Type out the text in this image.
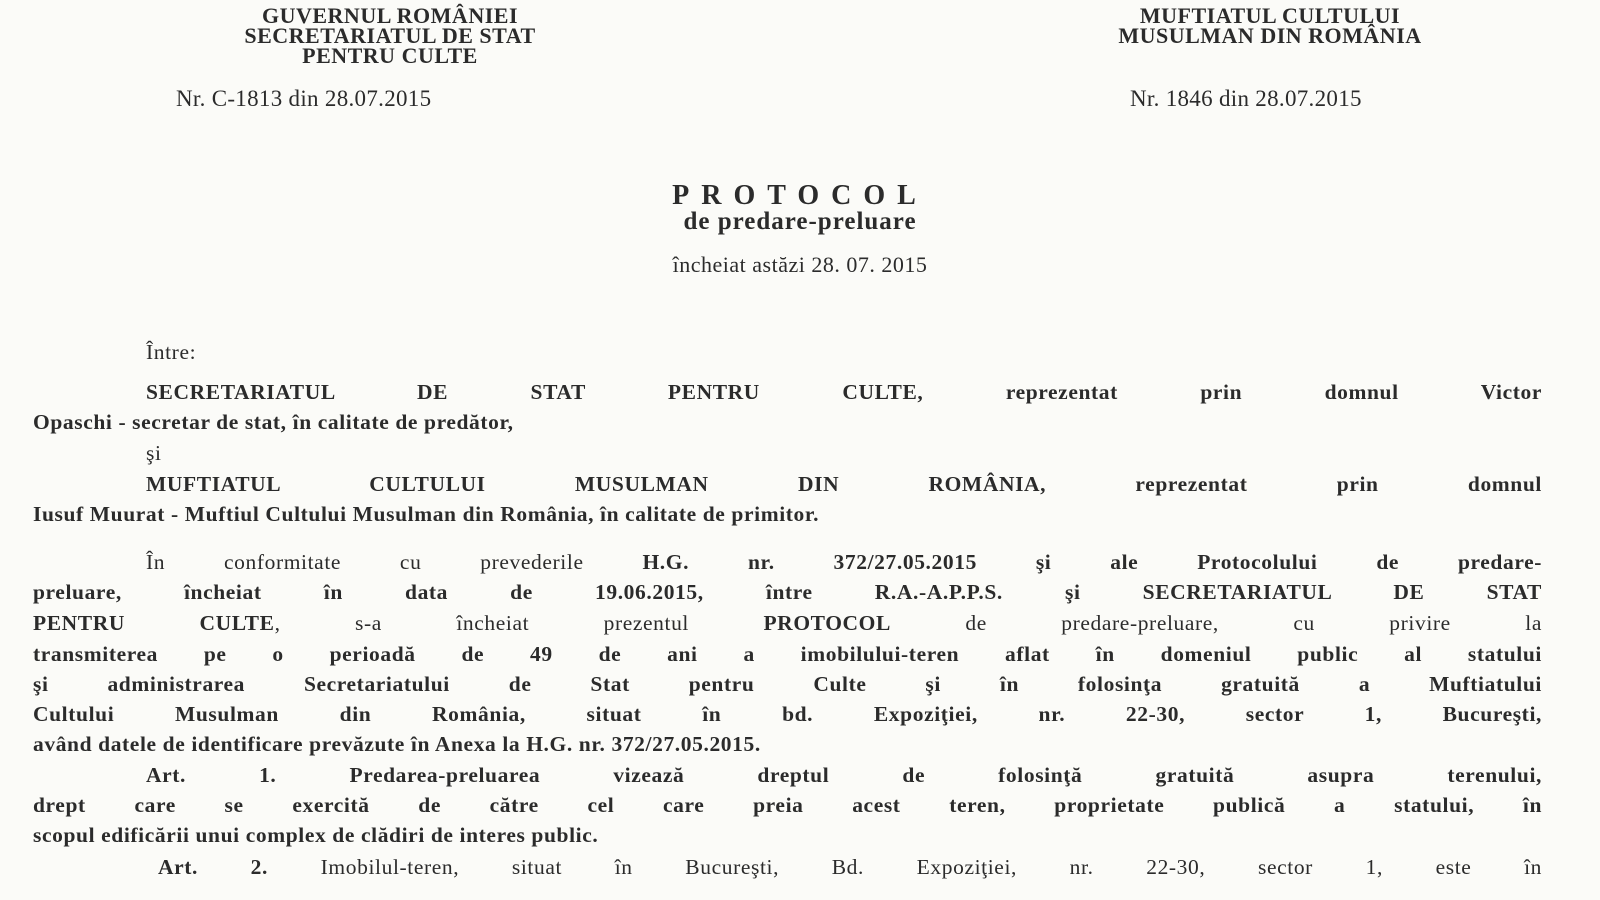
GUVERNUL ROMÂNIEI
SECRETARIATUL DE STAT
PENTRU CULTE
MUFTIATUL CULTULUI
MUSULMAN DIN ROMÂNIA
Nr. C-1813 din 28.07.2015	Nr. 1846 din 28.07.2015
PROTOCOL
de predare-preluare
încheiat astăzi 28. 07. 2015
Între:
SECRETARIATUL DE STAT PENTRU CULTE, reprezentat prin domnul Victor
Opaschi - secretar de stat, în calitate de predător,
şi
MUFTIATUL CULTULUI MUSULMAN DIN ROMÂNIA, reprezentat prin domnul
Iusuf Muurat - Muftiul Cultului Musulman din România, în calitate de primitor.
În conformitate cu prevederile H.G. nr. 372/27.05.2015 şi ale Protocolului de predare-
preluare, încheiat în data de 19.06.2015, între R.A.-A.P.P.S. şi SECRETARIATUL DE STAT
PENTRU CULTE, s-a încheiat prezentul PROTOCOL de predare-preluare, cu privire la
transmiterea pe o perioadă de 49 de ani a imobilului-teren aflat în domeniul public al statului
şi administrarea Secretariatului de Stat pentru Culte şi în folosinţa gratuită a Muftiatului
Cultului Musulman din România, situat în bd. Expoziţiei, nr. 22-30, sector 1, Bucureşti,
având datele de identificare prevăzute în Anexa la H.G. nr. 372/27.05.2015.
Art. 1. Predarea-preluarea vizează dreptul de folosinţă gratuită asupra terenului,
drept care se exercită de către cel care preia acest teren, proprietate publică a statului, în
scopul edificării unui complex de clădiri de interes public.
Art. 2. Imobilul-teren, situat în Bucureşti, Bd. Expoziţiei, nr. 22-30, sector 1, este în
